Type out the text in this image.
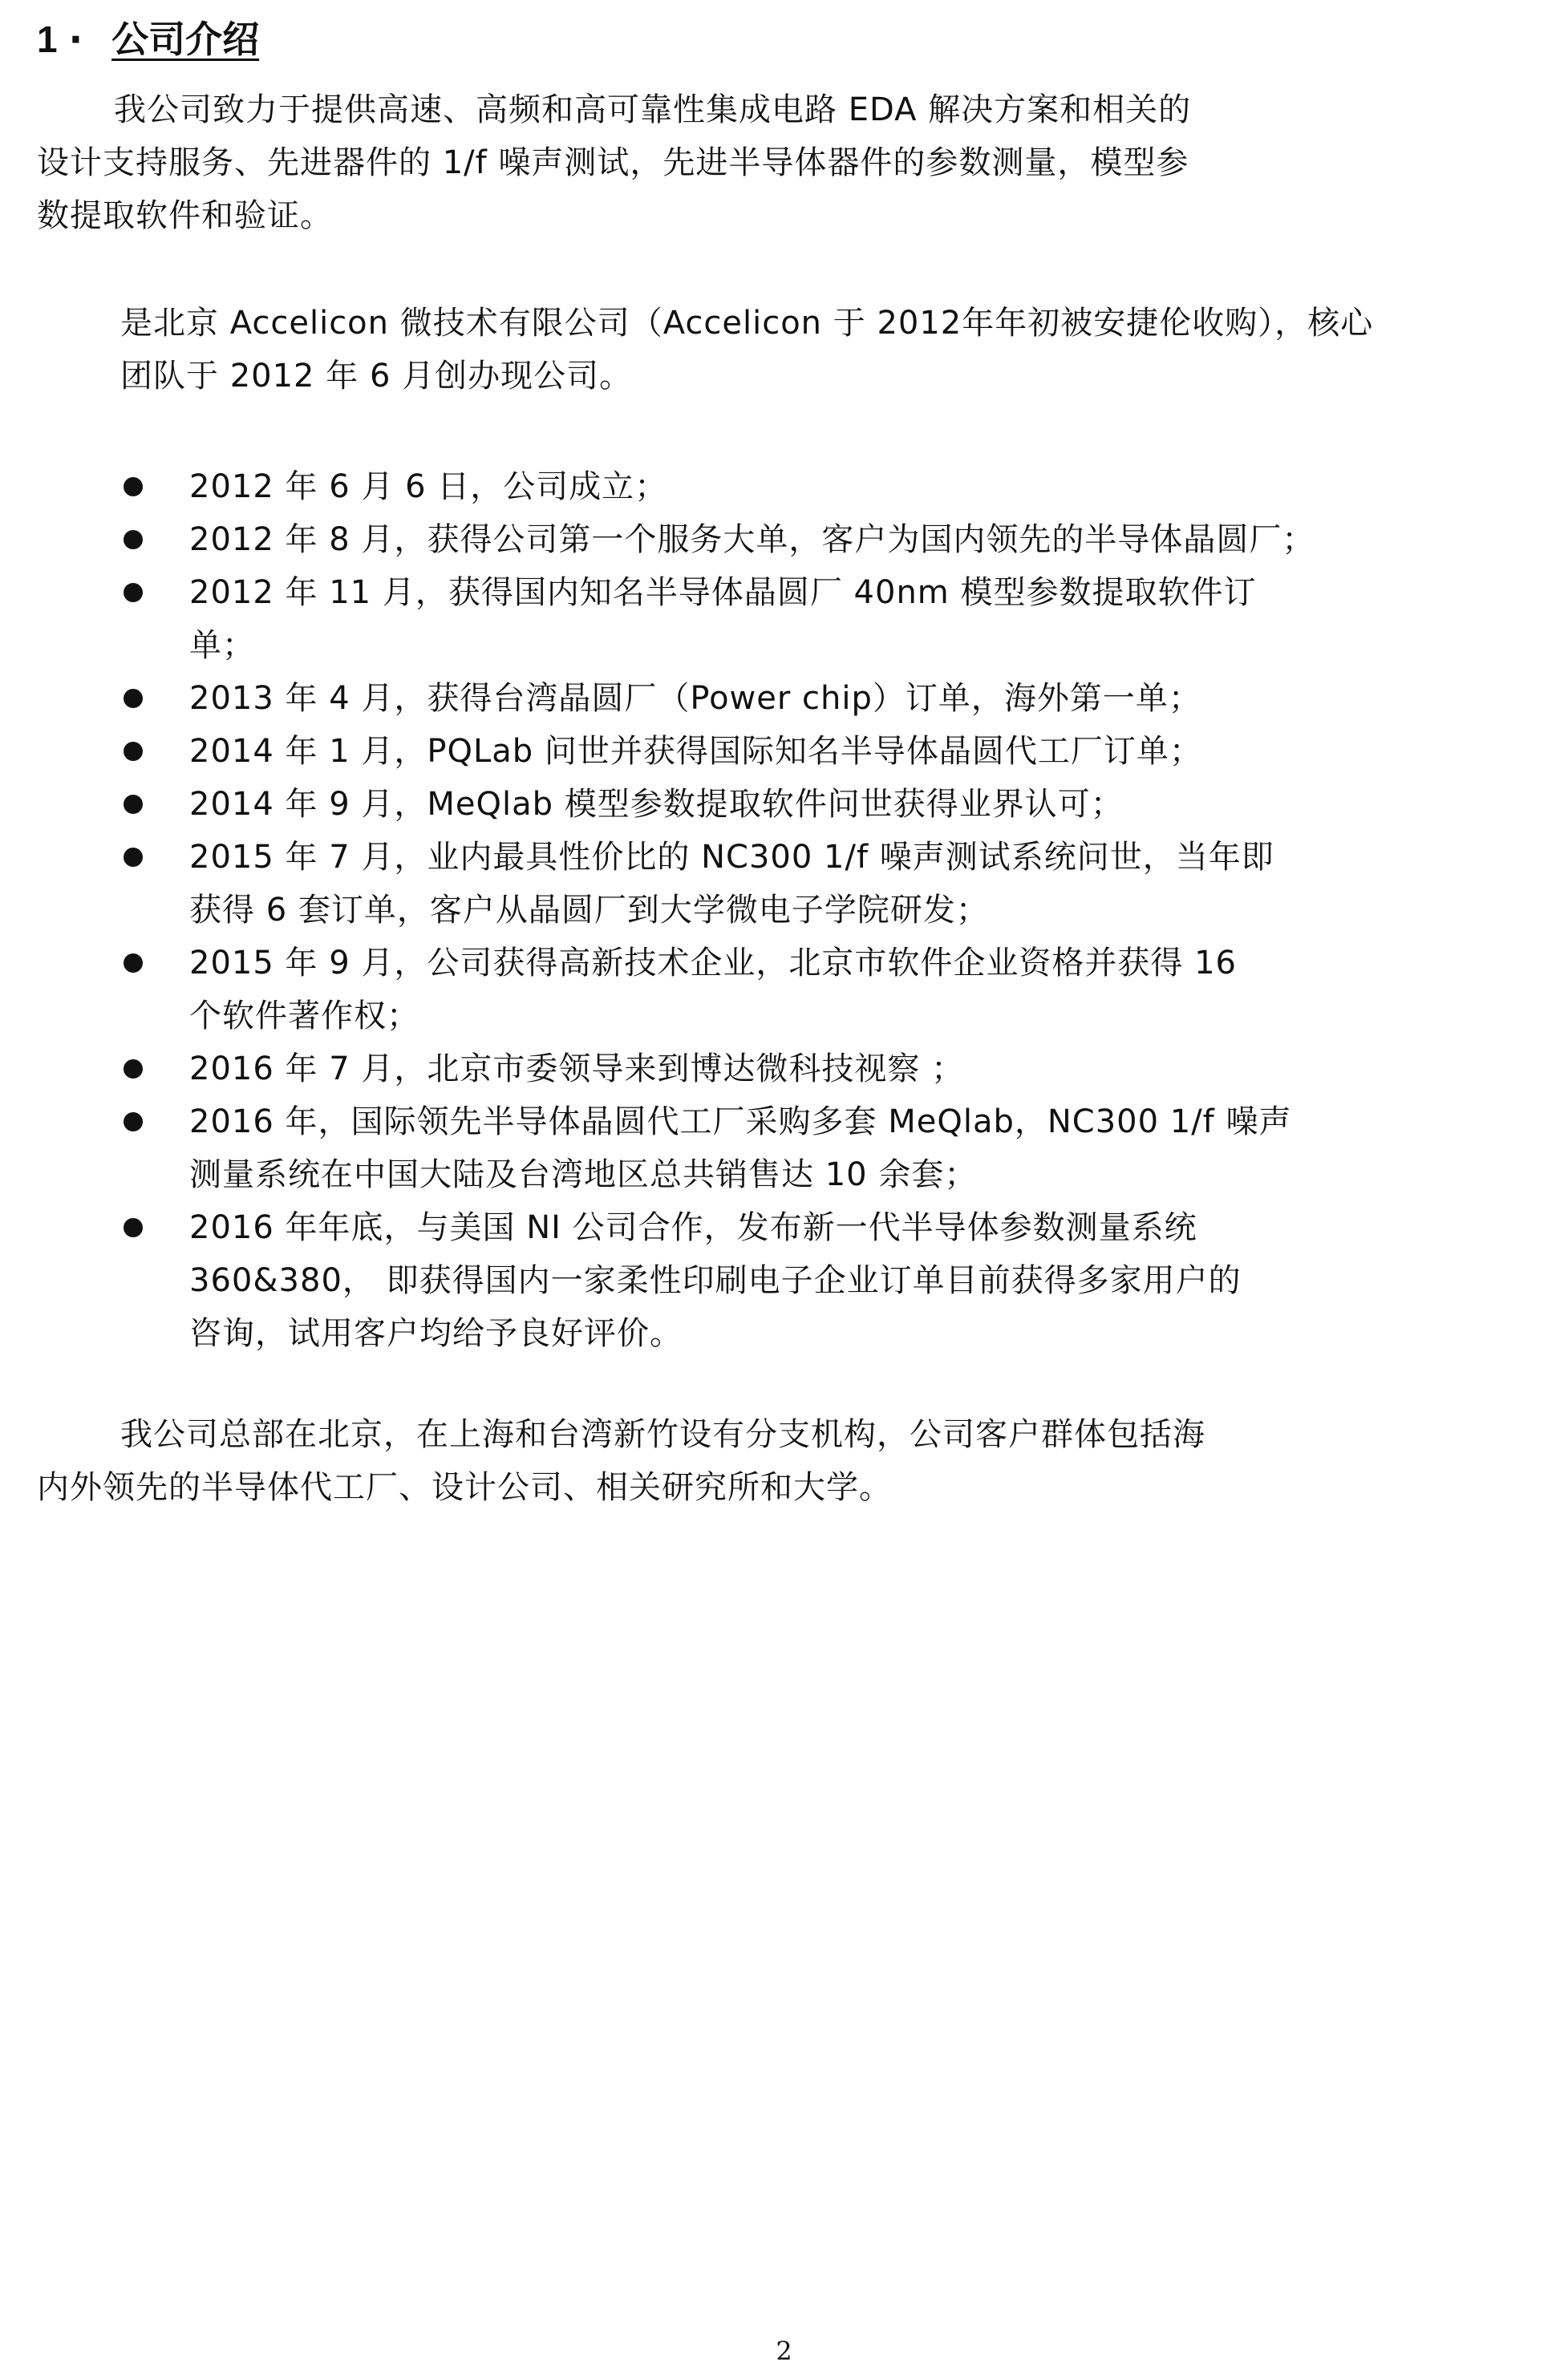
1 · 公司介绍
我公司致力于提供高速、高频和高可靠性集成电路 EDA 解决方案和相关的
设计支持服务、先进器件的 1/f 噪声测试，先进半导体器件的参数测量，模型参
数提取软件和验证。
是北京 Accelicon 微技术有限公司（Accelicon 于 2012年年初被安捷伦收购），核心
团队于 2012 年 6 月创办现公司。
2012 年 6 月 6 日，公司成立；
2012 年 8 月，获得公司第一个服务大单，客户为国内领先的半导体晶圆厂；
2012 年 11 月，获得国内知名半导体晶圆厂 40nm 模型参数提取软件订
单；
2013 年 4 月，获得台湾晶圆厂（Power chip）订单，海外第一单；
2014 年 1 月，PQLab 问世并获得国际知名半导体晶圆代工厂订单；
2014 年 9 月，MeQlab 模型参数提取软件问世获得业界认可；
2015 年 7 月，业内最具性价比的 NC300 1/f 噪声测试系统问世，当年即
获得 6 套订单，客户从晶圆厂到大学微电子学院研发；
2015 年 9 月，公司获得高新技术企业，北京市软件企业资格并获得 16
个软件著作权；
2016 年 7 月，北京市委领导来到博达微科技视察 ；
2016 年，国际领先半导体晶圆代工厂采购多套 MeQlab，NC300 1/f 噪声
测量系统在中国大陆及台湾地区总共销售达 10 余套；
2016 年年底，与美国 NI 公司合作，发布新一代半导体参数测量系统
360&380， 即获得国内一家柔性印刷电子企业订单目前获得多家用户的
咨询，试用客户均给予良好评价。
我公司总部在北京，在上海和台湾新竹设有分支机构，公司客户群体包括海
内外领先的半导体代工厂、设计公司、相关研究所和大学。
2
